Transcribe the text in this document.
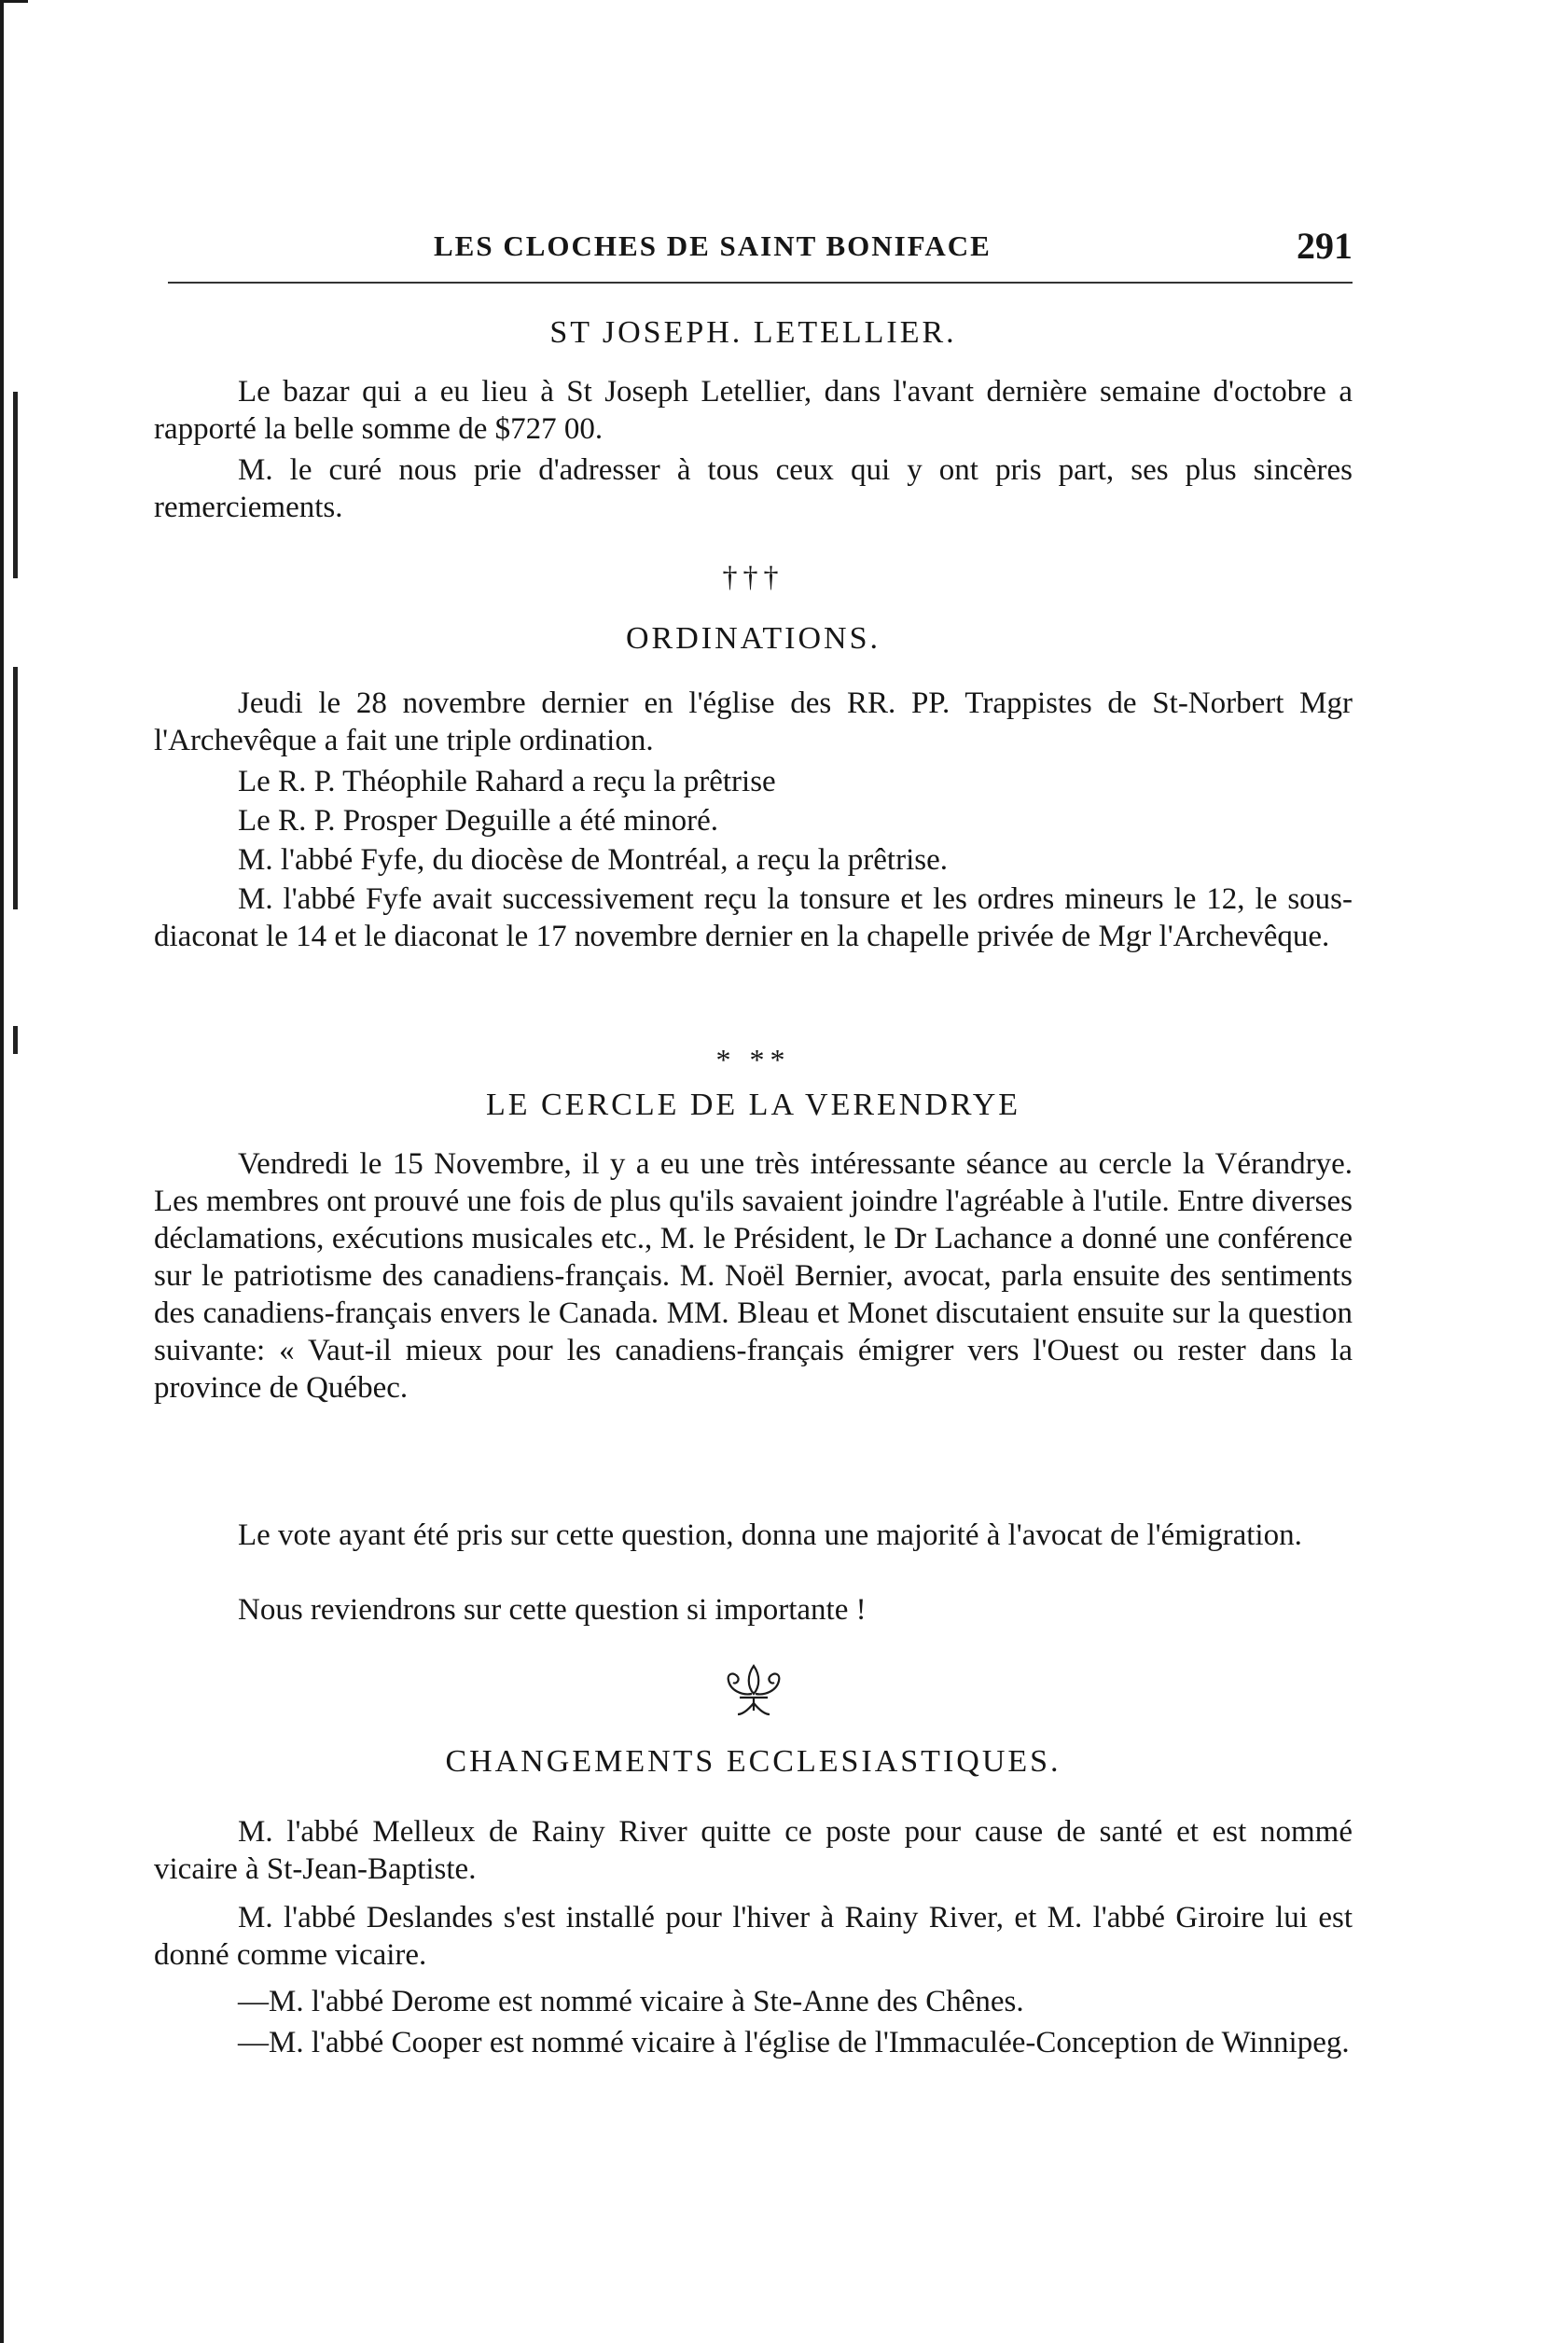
LES CLOCHES DE SAINT BONIFACE	291
ST JOSEPH. LETELLIER.

Le bazar qui a eu lieu à St Joseph Letellier, dans l'avant dernière semaine d'octobre a rapporté la belle somme de $727 00.

M. le curé nous prie d'adresser à tous ceux qui y ont pris part, ses plus sincères remerciements.

†††
ORDINATIONS.

Jeudi le 28 novembre dernier en l'église des RR. PP. Trappistes de St-Norbert Mgr l'Archevêque a fait une triple ordination.

Le R. P. Théophile Rahard a reçu la prêtrise

Le R. P. Prosper Deguille a été minoré.

M. l'abbé Fyfe, du diocèse de Montréal, a reçu la prêtrise.

M. l'abbé Fyfe avait successivement reçu la tonsure et les ordres mineurs le 12, le sous-diaconat le 14 et le diaconat le 17 novembre dernier en la chapelle privée de Mgr l'Archevêque.

* **
LE CERCLE DE LA VERENDRYE

Vendredi le 15 Novembre, il y a eu une très intéressante séance au cercle la Vérandrye. Les membres ont prouvé une fois de plus qu'ils savaient joindre l'agréable à l'utile. Entre diverses déclamations, exécutions musicales etc., M. le Président, le Dr Lachance a donné une conférence sur le patriotisme des canadiens-français. M. Noël Bernier, avocat, parla ensuite des sentiments des canadiens-français envers le Canada. MM. Bleau et Monet discutaient ensuite sur la question suivante: « Vaut-il mieux pour les canadiens-français émigrer vers l'Ouest ou rester dans la province de Québec.

Le vote ayant été pris sur cette question, donna une majorité à l'avocat de l'émigration.

Nous reviendrons sur cette question si importante !

CHANGEMENTS ECCLESIASTIQUES.

M. l'abbé Melleux de Rainy River quitte ce poste pour cause de santé et est nommé vicaire à St-Jean-Baptiste.

M. l'abbé Deslandes s'est installé pour l'hiver à Rainy River, et M. l'abbé Giroire lui est donné comme vicaire.

—M. l'abbé Derome est nommé vicaire à Ste-Anne des Chênes.

—M. l'abbé Cooper est nommé vicaire à l'église de l'Immaculée-Conception de Winnipeg.
